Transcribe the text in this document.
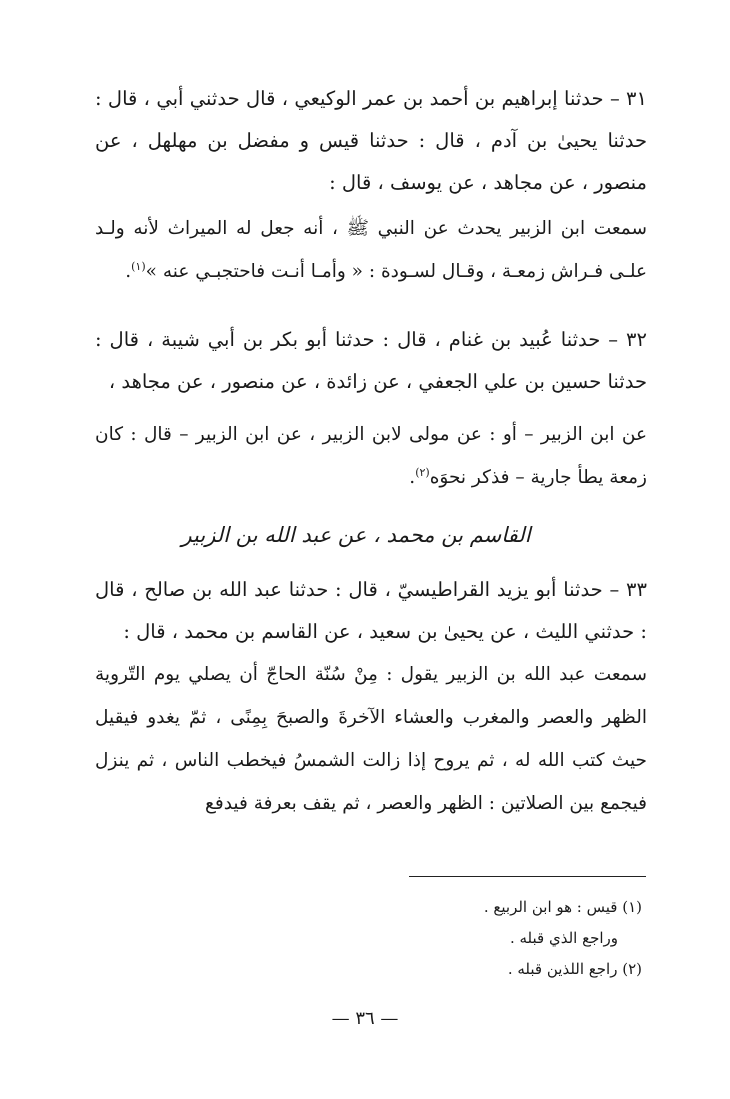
٣١ – حدثنا إبراهيم بن أحمد بن عمر الوكيعي ، قال حدثني أبي ، قال : حدثنا يحيىٰ بن آدم ، قال : حدثنا قيس و مفضل بن مهلهل ، عن منصور ، عن مجاهد ، عن يوسف ، قال :

سمعت ابن الزبير يحدث عن النبي ﷺ ، أنه جعل له الميراث لأنه ولـد علـى فـراش زمعـة ، وقـال لسـودة : « وأمـا أنـت فاحتجبـي عنه »$^{(١)}$.

٣٢ – حدثنا عُبيد بن غنام ، قال : حدثنا أبو بكر بن أبي شيبة ، قال : حدثنا حسين بن علي الجعفي ، عن زائدة ، عن منصور ، عن مجاهد ،

عن ابن الزبير – أو : عن مولى لابن الزبير ، عن ابن الزبير – قال : كان زمعة يطأ جارية – فذكر نحوَه$^{(٢)}$.

القاسم بن محمد ، عن عبد الله بن الزبير

٣٣ – حدثنا أبو يزيد القراطيسيّ ، قال : حدثنا عبد الله بن صالح ، قال : حدثني الليث ، عن يحيىٰ بن سعيد ، عن القاسم بن محمد ، قال :

سمعت عبد الله بن الزبير يقول : مِنْ سُنّة الحاجّ أن يصلي يوم التّروية الظهر والعصر والمغرب والعشاء الآخرةَ والصبحَ بِمِنًى ، ثمّ يغدو فيقيل حيث كتب الله له ، ثم يروح إذا زالت الشمسُ فيخطب الناس ، ثم ينزل فيجمع بين الصلاتين : الظهر والعصر ، ثم يقف بعرفة فيدفع

(١) قيس : هو ابن الربيع .
وراجع الذي قبله .
(٢) راجع اللذين قبله .
— ٣٦ —
